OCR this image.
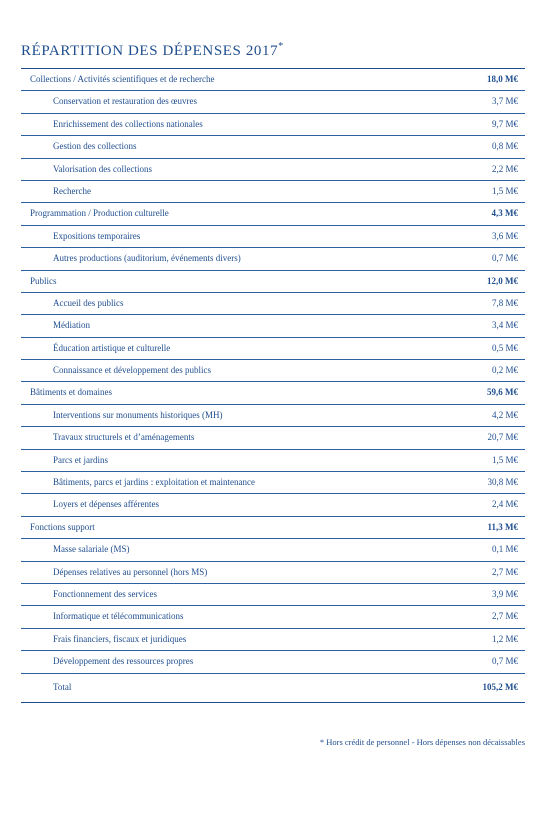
RÉPARTITION DES DÉPENSES 2017*
Collections / Activités scientifiques et de recherche	18,0 M€
Conservation et restauration des œuvres	3,7 M€
Enrichissement des collections nationales	9,7 M€
Gestion des collections	0,8 M€
Valorisation des collections	2,2 M€
Recherche	1,5 M€
Programmation / Production culturelle	4,3 M€
Expositions temporaires	3,6 M€
Autres productions (auditorium, événements divers)	0,7 M€
Publics	12,0 M€
Accueil des publics	7,8 M€
Médiation	3,4 M€
Éducation artistique et culturelle	0,5 M€
Connaissance et développement des publics	0,2 M€
Bâtiments et domaines	59,6 M€
Interventions sur monuments historiques (MH)	4,2 M€
Travaux structurels et d’aménagements	20,7 M€
Parcs et jardins	1,5 M€
Bâtiments, parcs et jardins : exploitation et maintenance	30,8 M€
Loyers et dépenses afférentes	2,4 M€
Fonctions support	11,3 M€
Masse salariale (MS)	0,1 M€
Dépenses relatives au personnel (hors MS)	2,7 M€
Fonctionnement des services	3,9 M€
Informatique et télécommunications	2,7 M€
Frais financiers, fiscaux et juridiques	1,2 M€
Développement des ressources propres	0,7 M€
Total	105,2 M€
* Hors crédit de personnel - Hors dépenses non décaissables
